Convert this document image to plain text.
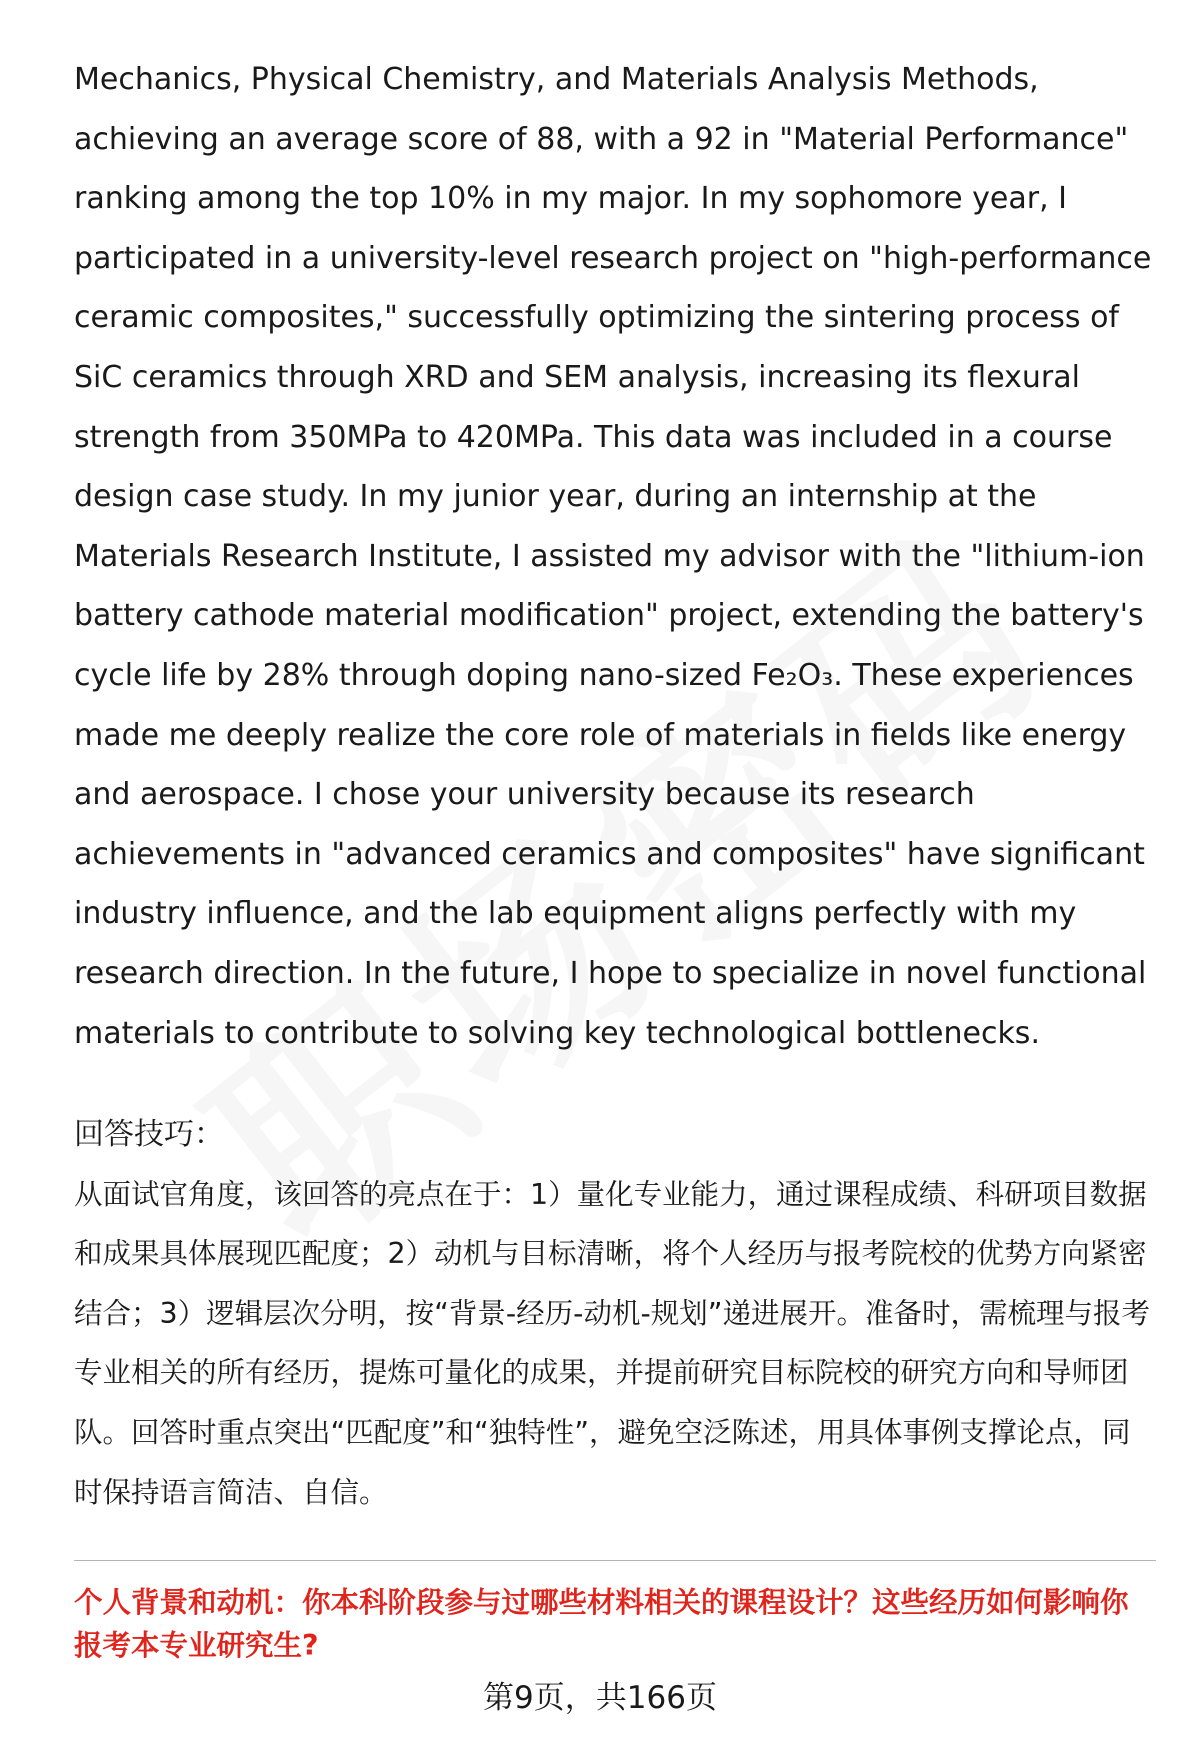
Mechanics, Physical Chemistry, and Materials Analysis Methods, achieving an average score of 88, with a 92 in "Material Performance" ranking among the top 10% in my major. In my sophomore year, I participated in a university-level research project on "high-performance ceramic composites," successfully optimizing the sintering process of SiC ceramics through XRD and SEM analysis, increasing its flexural strength from 350MPa to 420MPa. This data was included in a course design case study. In my junior year, during an internship at the Materials Research Institute, I assisted my advisor with the "lithium-ion battery cathode material modification" project, extending the battery's cycle life by 28% through doping nano-sized Fe₂O₃. These experiences made me deeply realize the core role of materials in fields like energy and aerospace. I chose your university because its research achievements in "advanced ceramics and composites" have significant industry influence, and the lab equipment aligns perfectly with my research direction. In the future, I hope to specialize in novel functional materials to contribute to solving key technological bottlenecks.

回答技巧：

从面试官角度，该回答的亮点在于：1）量化专业能力，通过课程成绩、科研项目数据和成果具体展现匹配度；2）动机与目标清晰，将个人经历与报考院校的优势方向紧密结合；3）逻辑层次分明，按“背景-经历-动机-规划”递进展开。准备时，需梳理与报考专业相关的所有经历，提炼可量化的成果，并提前研究目标院校的研究方向和导师团队。回答时重点突出“匹配度”和“独特性”，避免空泛陈述，用具体事例支撑论点，同时保持语言简洁、自信。

个人背景和动机：你本科阶段参与过哪些材料相关的课程设计？这些经历如何影响你报考本专业研究生?

第9页，共166页
